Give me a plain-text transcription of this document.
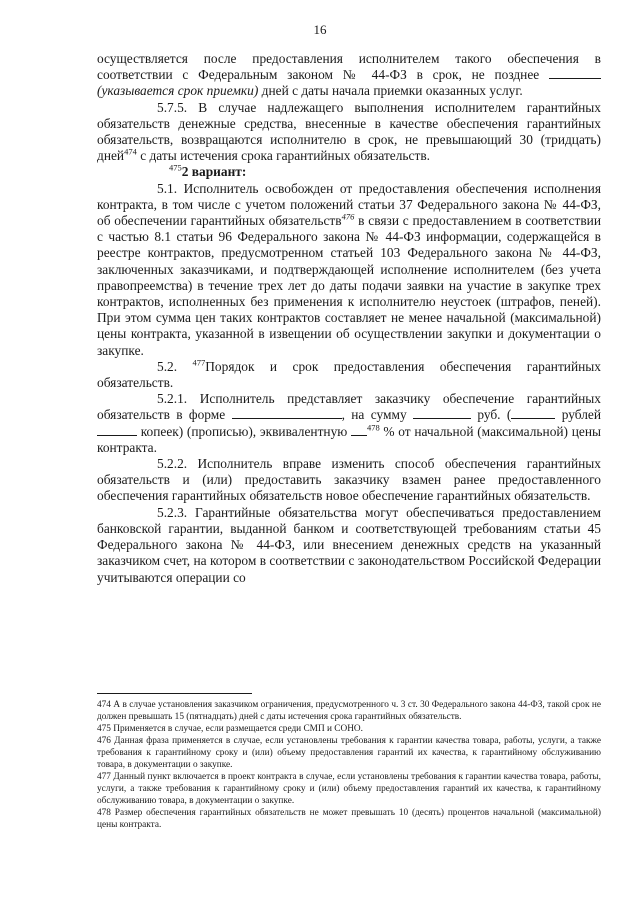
16

осуществляется после предоставления исполнителем такого обеспечения в соответствии с Федеральным законом № 44-ФЗ в срок, не позднее  (указывается срок приемки) дней с даты начала приемки оказанных услуг.

5.7.5. В случае надлежащего выполнения исполнителем гарантийных обязательств денежные средства, внесенные в качестве обеспечения гарантийных обязательств, возвращаются исполнителю в срок, не превышающий 30 (тридцать) дней$^{474}$ с даты истечения срока гарантийных обязательств.

$^{475}$2 вариант:

5.1. Исполнитель освобожден от предоставления обеспечения исполнения контракта, в том числе с учетом положений статьи 37 Федерального закона № 44-ФЗ, об обеспечении гарантийных обязательств$^{476}$ в связи с предоставлением в соответствии с частью 8.1 статьи 96 Федерального закона № 44-ФЗ информации, содержащейся в реестре контрактов, предусмотренном статьей 103 Федерального закона № 44-ФЗ, заключенных заказчиками, и подтверждающей исполнение исполнителем (без учета правопреемства) в течение трех лет до даты подачи заявки на участие в закупке трех контрактов, исполненных без применения к исполнителю неустоек (штрафов, пеней). При этом сумма цен таких контрактов составляет не менее начальной (максимальной) цены контракта, указанной в извещении об осуществлении закупки и документации о закупке.

5.2. $^{477}$Порядок и срок предоставления обеспечения гарантийных обязательств.

5.2.1. Исполнитель представляет заказчику обеспечение гарантийных обязательств в форме	, на сумму	руб. (	рублей  копеек) (прописью), эквивалентную $^{478}$ % от начальной (максимальной) цены контракта.

5.2.2. Исполнитель вправе изменить способ обеспечения гарантийных обязательств и (или) предоставить заказчику взамен ранее предоставленного обеспечения гарантийных обязательств новое обеспечение гарантийных обязательств.

5.2.3. Гарантийные обязательства могут обеспечиваться предоставлением банковской гарантии, выданной банком и соответствующей требованиям статьи 45 Федерального закона № 44-ФЗ, или внесением денежных средств на указанный заказчиком счет, на котором в соответствии с законодательством Российской Федерации учитываются операции со

474 А в случае установления заказчиком ограничения, предусмотренного ч. 3 ст. 30 Федерального закона 44-ФЗ, такой срок не должен превышать 15 (пятнадцать) дней с даты истечения срока гарантийных обязательств.

475 Применяется в случае, если размещается среди СМП и СОНО.

476 Данная фраза применяется в случае, если установлены требования к гарантии качества товара, работы, услуги, а также требования к гарантийному сроку и (или) объему предоставления гарантий их качества, к гарантийному обслуживанию товара, в документации о закупке.

477 Данный пункт включается в проект контракта в случае, если установлены требования к гарантии качества товара, работы, услуги, а также требования к гарантийному сроку и (или) объему предоставления гарантий их качества, к гарантийному обслуживанию товара, в документации о закупке.

478 Размер обеспечения гарантийных обязательств не может превышать 10 (десять) процентов начальной (максимальной) цены контракта.
